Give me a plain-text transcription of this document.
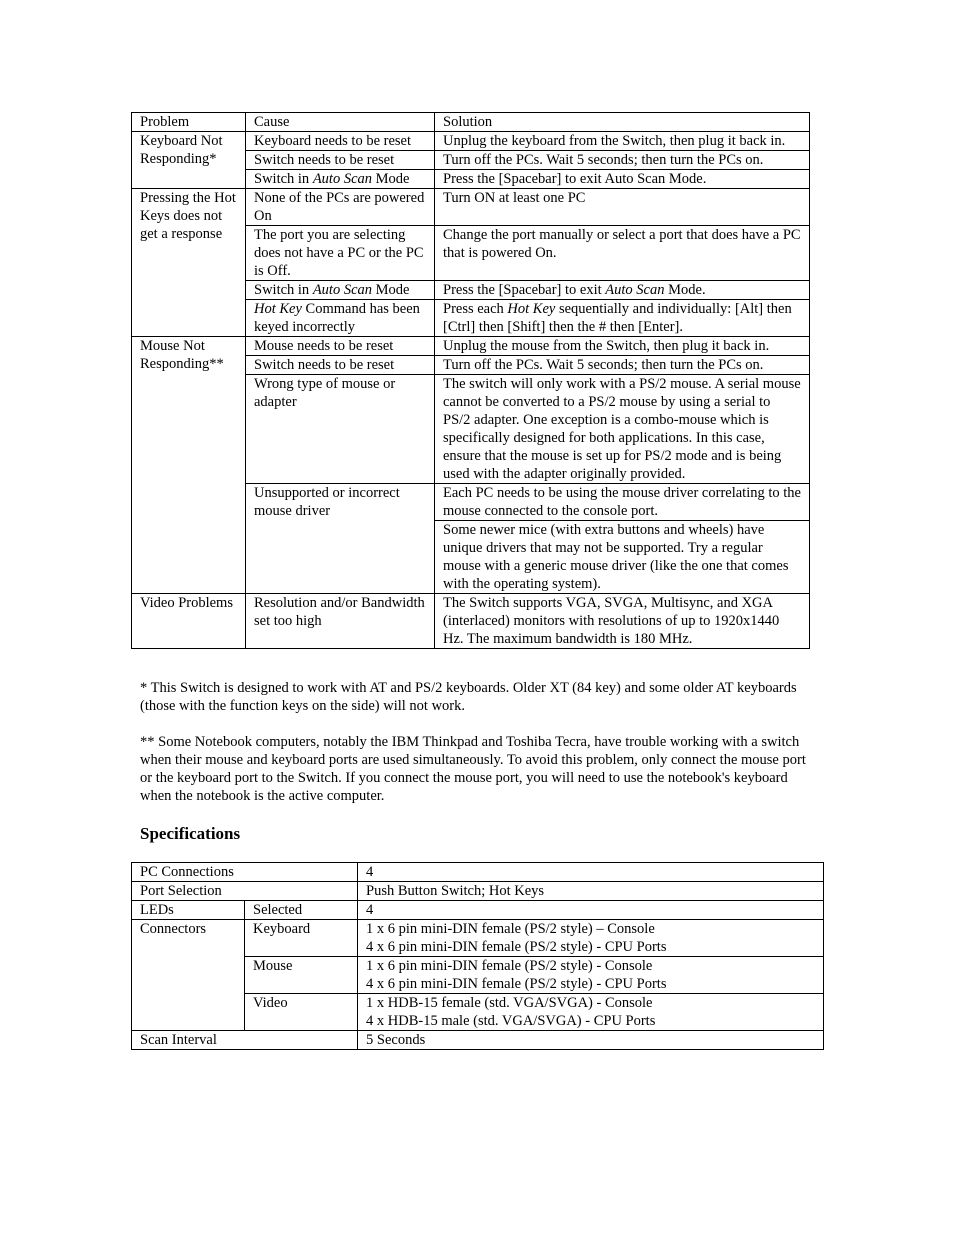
Problem	Cause	Solution
Keyboard Not Responding*	Keyboard needs to be reset	Unplug the keyboard from the Switch, then plug it back in.
	Switch needs to be reset	Turn off the PCs. Wait 5 seconds; then turn the PCs on.
	Switch in Auto Scan Mode	Press the [Spacebar] to exit Auto Scan Mode.
Pressing the Hot Keys does not get a response	None of the PCs are powered On	Turn ON at least one PC
	The port you are selecting does not have a PC or the PC is Off.	Change the port manually or select a port that does have a PC that is powered On.
	Switch in Auto Scan Mode	Press the [Spacebar] to exit Auto Scan Mode.
	Hot Key Command has been keyed incorrectly	Press each Hot Key sequentially and individually: [Alt] then [Ctrl] then [Shift] then the # then [Enter].
Mouse Not Responding**	Mouse needs to be reset	Unplug the mouse from the Switch, then plug it back in.
	Switch needs to be reset	Turn off the PCs. Wait 5 seconds; then turn the PCs on.
	Wrong type of mouse or adapter	The switch will only work with a PS/2 mouse. A serial mouse cannot be converted to a PS/2 mouse by using a serial to PS/2 adapter. One exception is a combo-mouse which is specifically designed for both applications. In this case, ensure that the mouse is set up for PS/2 mode and is being used with the adapter originally provided.
	Unsupported or incorrect mouse driver	Each PC needs to be using the mouse driver correlating to the mouse connected to the console port.
		Some newer mice (with extra buttons and wheels) have unique drivers that may not be supported. Try a regular mouse with a generic mouse driver (like the one that comes with the operating system).
Video Problems	Resolution and/or Bandwidth set too high	The Switch supports VGA, SVGA, Multisync, and XGA (interlaced) monitors with resolutions of up to 1920x1440 Hz. The maximum bandwidth is 180 MHz.

* This Switch is designed to work with AT and PS/2 keyboards. Older XT (84 key) and some older AT keyboards (those with the function keys on the side) will not work.

** Some Notebook computers, notably the IBM Thinkpad and Toshiba Tecra, have trouble working with a switch when their mouse and keyboard ports are used simultaneously. To avoid this problem, only connect the mouse port or the keyboard port to the Switch. If you connect the mouse port, you will need to use the notebook's keyboard when the notebook is the active computer.

Specifications
PC Connections		4
Port Selection		Push Button Switch; Hot Keys
LEDs	Selected	4
Connectors	Keyboard	1 x 6 pin mini-DIN female (PS/2 style) – Console
4 x 6 pin mini-DIN female (PS/2 style) - CPU Ports

	Mouse	1 x 6 pin mini-DIN female (PS/2 style) - Console
4 x 6 pin mini-DIN female (PS/2 style) - CPU Ports

	Video	1 x HDB-15 female (std. VGA/SVGA) - Console
4 x HDB-15 male (std. VGA/SVGA) - CPU Ports

Scan Interval		5 Seconds
